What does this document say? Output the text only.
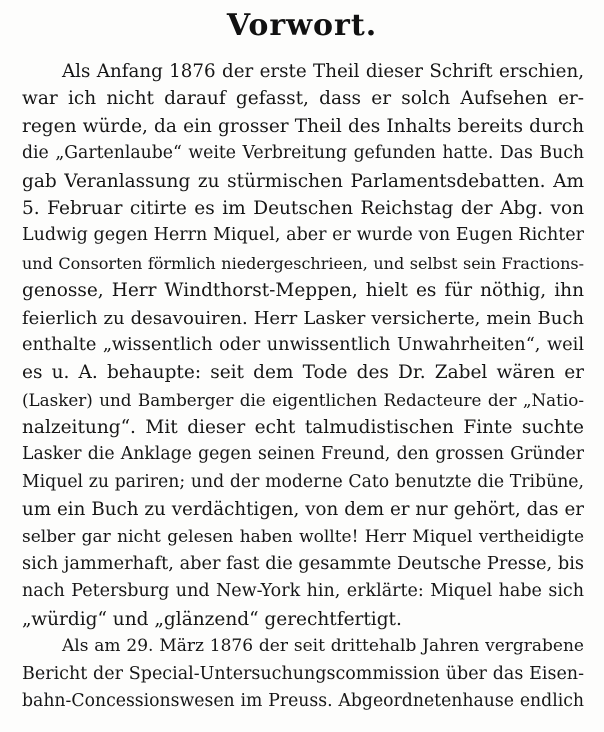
Vorwort.
Als Anfang 1876 der erste Theil dieser Schrift erschien,
war ich nicht darauf gefasst, dass er solch Aufsehen er-
regen würde, da ein grosser Theil des Inhalts bereits durch
die „Gartenlaube“ weite Verbreitung gefunden hatte. Das Buch
gab Veranlassung zu stürmischen Parlamentsdebatten. Am
5. Februar citirte es im Deutschen Reichstag der Abg. von
Ludwig gegen Herrn Miquel, aber er wurde von Eugen Richter
und Consorten förmlich niedergeschrieen, und selbst sein Fractions-
genosse, Herr Windthorst-Meppen, hielt es für nöthig, ihn
feierlich zu desavouiren. Herr Lasker versicherte, mein Buch
enthalte „wissentlich oder unwissentlich Unwahrheiten“, weil
es u. A. behaupte: seit dem Tode des Dr. Zabel wären er
(Lasker) und Bamberger die eigentlichen Redacteure der „Natio-
nalzeitung“. Mit dieser echt talmudistischen Finte suchte
Lasker die Anklage gegen seinen Freund, den grossen Gründer
Miquel zu pariren; und der moderne Cato benutzte die Tribüne,
um ein Buch zu verdächtigen, von dem er nur gehört, das er
selber gar nicht gelesen haben wollte! Herr Miquel vertheidigte
sich jammerhaft, aber fast die gesammte Deutsche Presse, bis
nach Petersburg und New-York hin, erklärte: Miquel habe sich
„würdig“ und „glänzend“ gerechtfertigt.
Als am 29. März 1876 der seit drittehalb Jahren vergrabene
Bericht der Special-Untersuchungscommission über das Eisen-
bahn-Concessionswesen im Preuss. Abgeordnetenhause endlich
